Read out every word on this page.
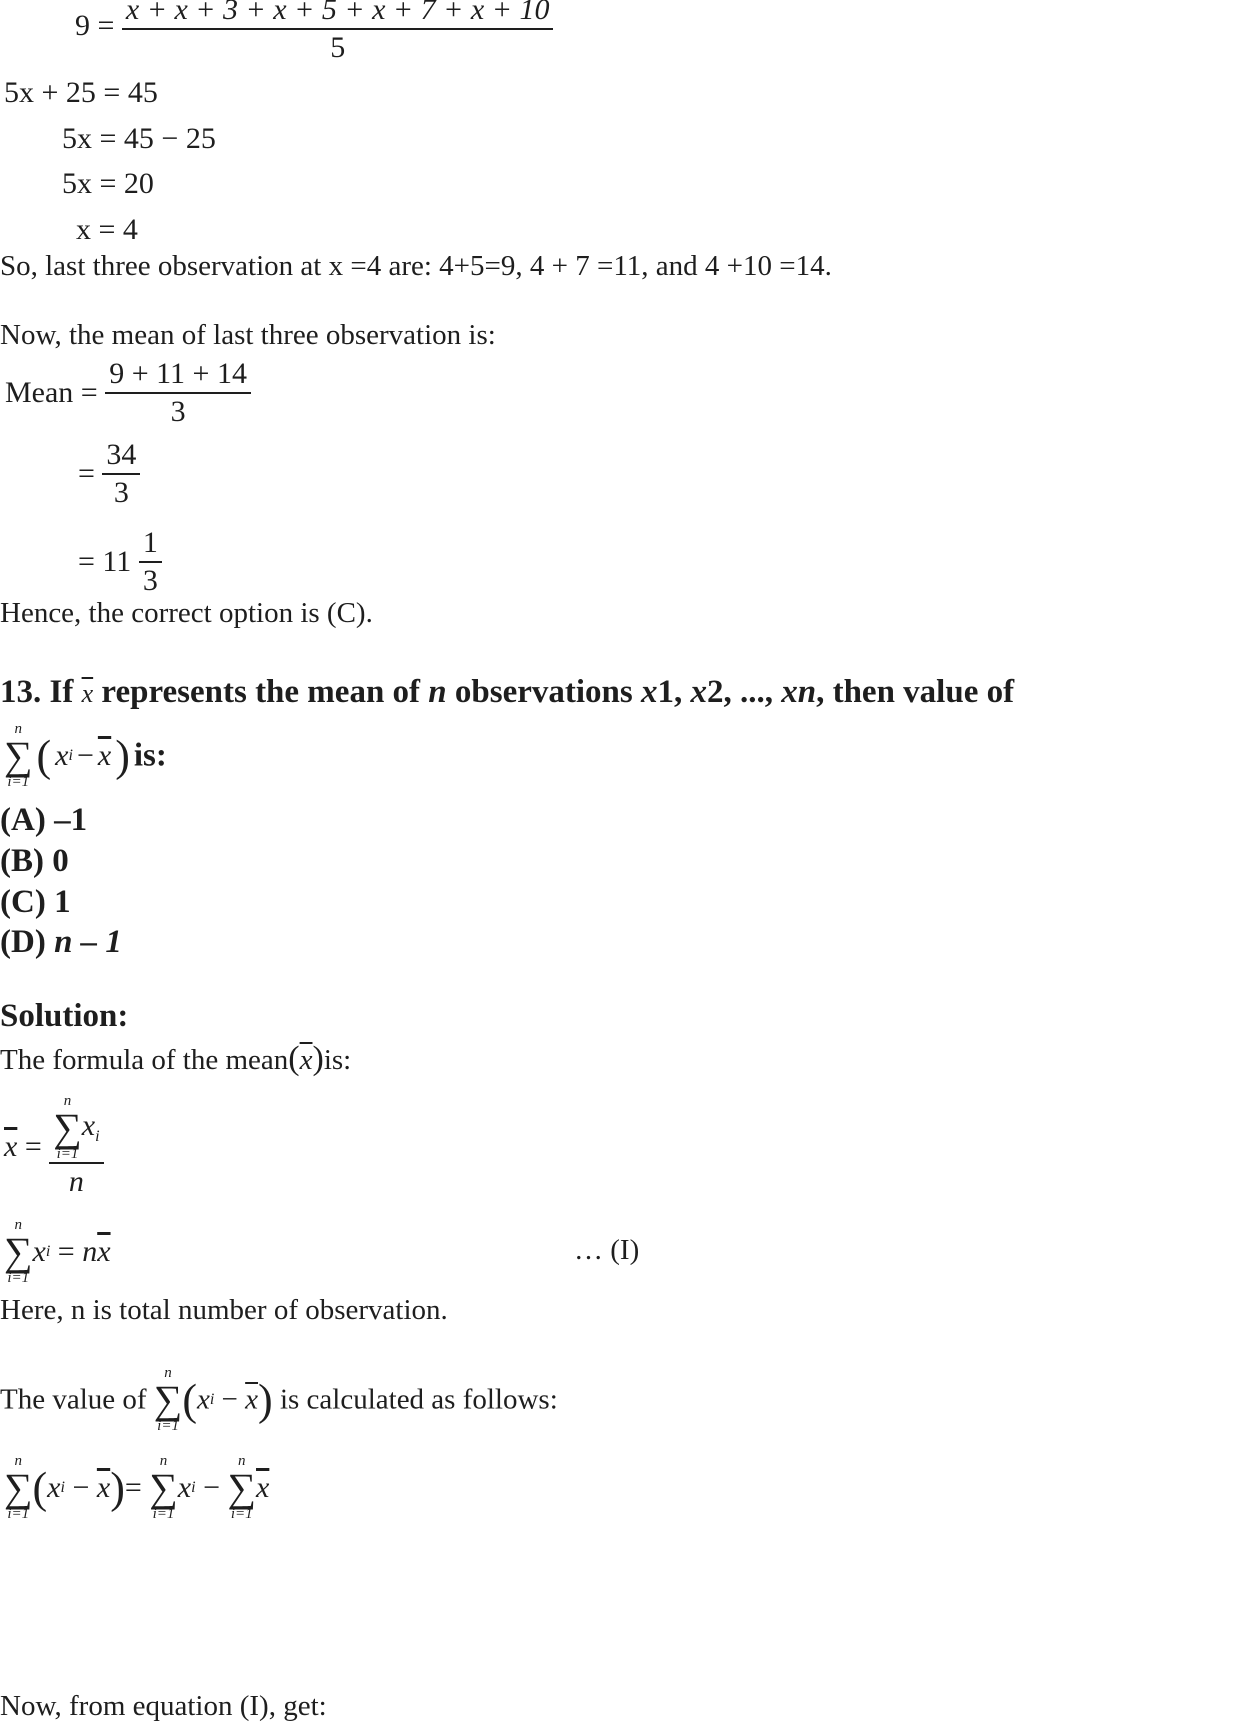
$9 = \frac{x + x + 3 + x + 5 + x + 7 + x + 10}{5}$
5x + 25 = 45
5x = 45 − 25
5x = 20
x = 4
So, last three observation at x =4 are: 4+5=9, 4 + 7 =11, and 4 +10 =14.
Now, the mean of last three observation is:
Mean = $\frac{9 + 11 + 14}{3}$
= $\frac{34}{3}$
= $11 \frac{1}{3}$
Hence, the correct option is (C).
13. If $\overline{x}$ represents the mean of n observations x1, x2, ..., xn, then value of
n
∑
i=1
( xi − $\overline{x}$ ) is:
(A) –1
(B) 0
(C) 1
(D) n – 1
Solution:
The formula of the $mean(\overline{x})is$:
$\overline{x} = n$
∑
i=1
$x_i$
n
n
∑
i=1
xi = $n\overline{x}$	… (I)
Here, n is total number of observation.
The value of
n
∑
i=1
$(xi - \overline{x})$ is calculated as follows:
n
∑
i=1
$(xi - \overline{x})=$
n
∑
i=1
xi −
n
∑
i=1
$\overline{x}$
Now, from equation (I), get:
